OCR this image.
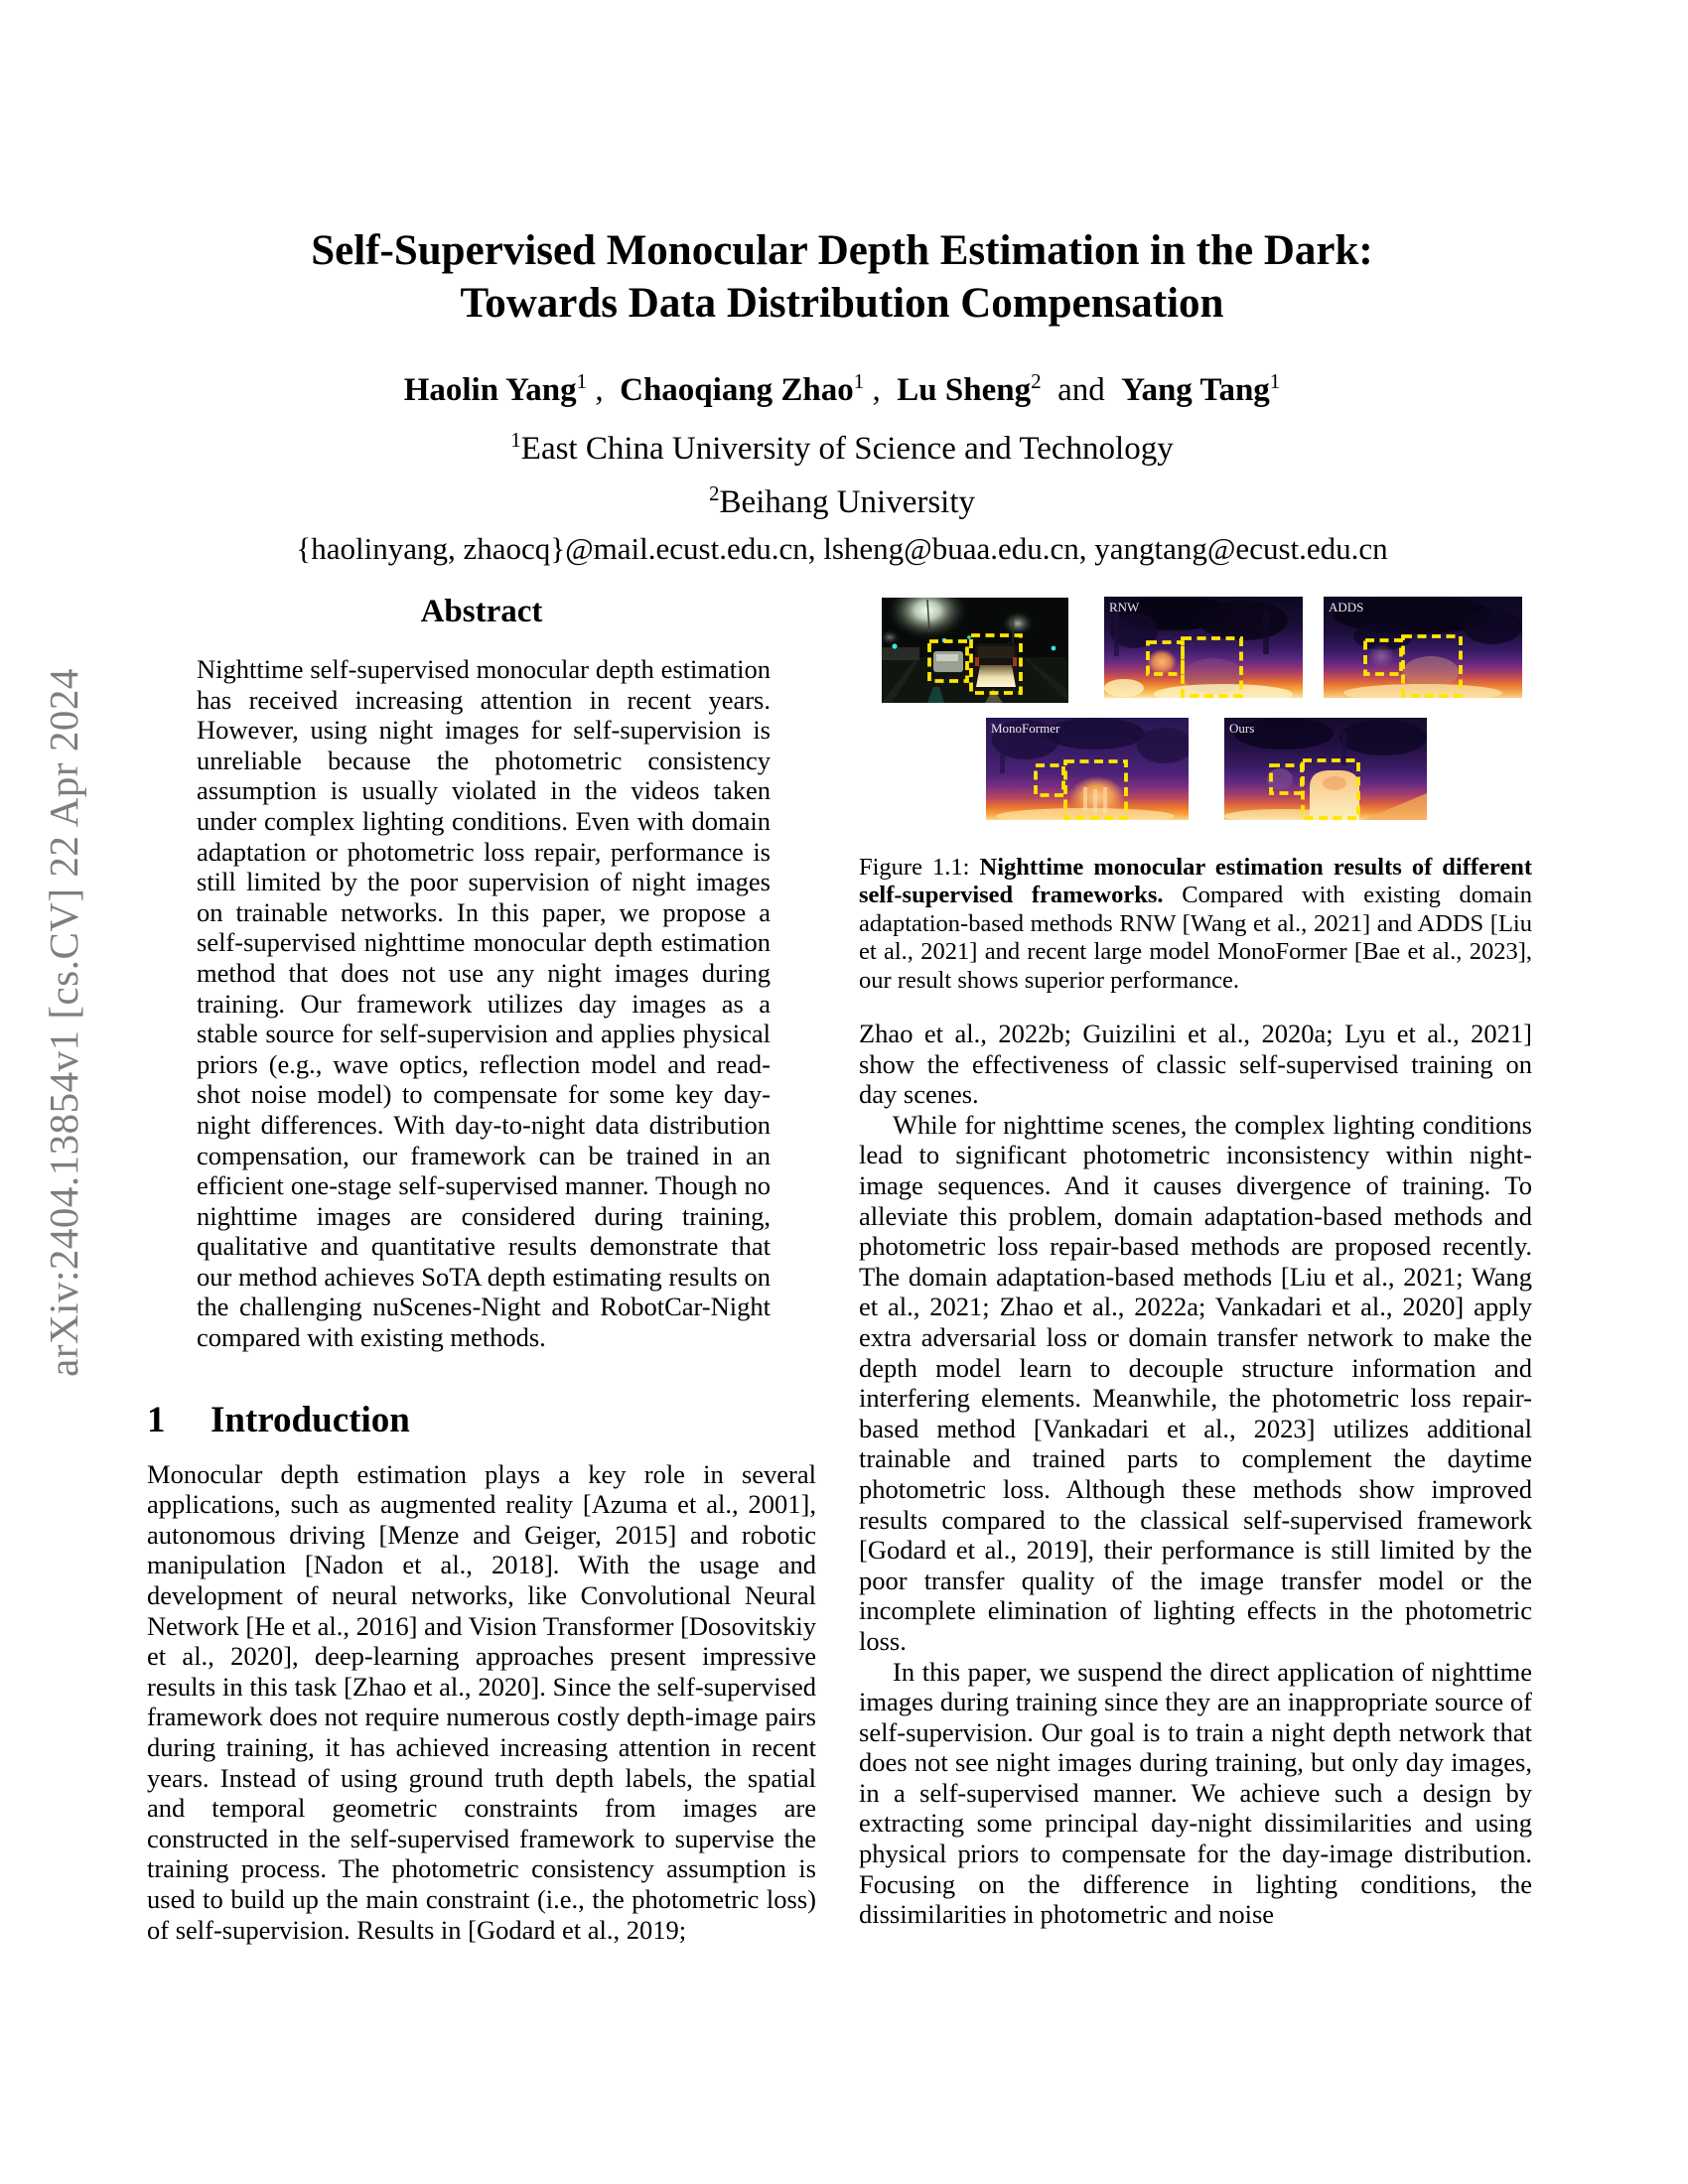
arXiv:2404.13854v1 [cs.CV] 22 Apr 2024
Self-Supervised Monocular Depth Estimation in the Dark:
Towards Data Distribution Compensation
Haolin Yang$^1$ ,  Chaoqiang Zhao$^1$ ,  Lu Sheng$^2$  and  Yang Tang$^1$
$^1$East China University of Science and Technology
$^2$Beihang University
{haolinyang, zhaocq}@mail.ecust.edu.cn, lsheng@buaa.edu.cn, yangtang@ecust.edu.cn
Abstract
Nighttime self-supervised monocular depth estimation has received increasing attention in recent years. However, using night images for self-supervision is unreliable because the photometric consistency assumption is usually violated in the videos taken under complex lighting conditions. Even with domain adaptation or photometric loss repair, performance is still limited by the poor supervision of night images on trainable networks. In this paper, we propose a self-supervised nighttime monocular depth estimation method that does not use any night images during training. Our framework utilizes day images as a stable source for self-supervision and applies physical priors (e.g., wave optics, reflection model and read-shot noise model) to compensate for some key day-night differences. With day-to-night data distribution compensation, our framework can be trained in an efficient one-stage self-supervised manner. Though no nighttime images are considered during training, qualitative and quantitative results demonstrate that our method achieves SoTA depth estimating results on the challenging nuScenes-Night and RobotCar-Night compared with existing methods.
1 Introduction
Monocular depth estimation plays a key role in several applications, such as augmented reality [Azuma et al., 2001], autonomous driving [Menze and Geiger, 2015] and robotic manipulation [Nadon et al., 2018]. With the usage and development of neural networks, like Convolutional Neural Network [He et al., 2016] and Vision Transformer [Dosovitskiy et al., 2020], deep-learning approaches present impressive results in this task [Zhao et al., 2020]. Since the self-supervised framework does not require numerous costly depth-image pairs during training, it has achieved increasing attention in recent years. Instead of using ground truth depth labels, the spatial and temporal geometric constraints from images are constructed in the self-supervised framework to supervise the training process. The photometric consistency assumption is used to build up the main constraint (i.e., the photometric loss) of self-supervision. Results in [Godard et al., 2019;
RNW	ADDS
MonoFormer	Ours
Figure 1.1: Nighttime monocular estimation results of different self-supervised frameworks. Compared with existing domain adaptation-based methods RNW [Wang et al., 2021] and ADDS [Liu et al., 2021] and recent large model MonoFormer [Bae et al., 2023], our result shows superior performance.
Zhao et al., 2022b; Guizilini et al., 2020a; Lyu et al., 2021] show the effectiveness of classic self-supervised training on day scenes.
While for nighttime scenes, the complex lighting conditions lead to significant photometric inconsistency within night-image sequences. And it causes divergence of training. To alleviate this problem, domain adaptation-based methods and photometric loss repair-based methods are proposed recently. The domain adaptation-based methods [Liu et al., 2021; Wang et al., 2021; Zhao et al., 2022a; Vankadari et al., 2020] apply extra adversarial loss or domain transfer network to make the depth model learn to decouple structure information and interfering elements. Meanwhile, the photometric loss repair-based method [Vankadari et al., 2023] utilizes additional trainable and trained parts to complement the daytime photometric loss. Although these methods show improved results compared to the classical self-supervised framework [Godard et al., 2019], their performance is still limited by the poor transfer quality of the image transfer model or the incomplete elimination of lighting effects in the photometric loss.
In this paper, we suspend the direct application of nighttime images during training since they are an inappropriate source of self-supervision. Our goal is to train a night depth network that does not see night images during training, but only day images, in a self-supervised manner. We achieve such a design by extracting some principal day-night dissimilarities and using physical priors to compensate for the day-image distribution. Focusing on the difference in lighting conditions, the dissimilarities in photometric and noise
